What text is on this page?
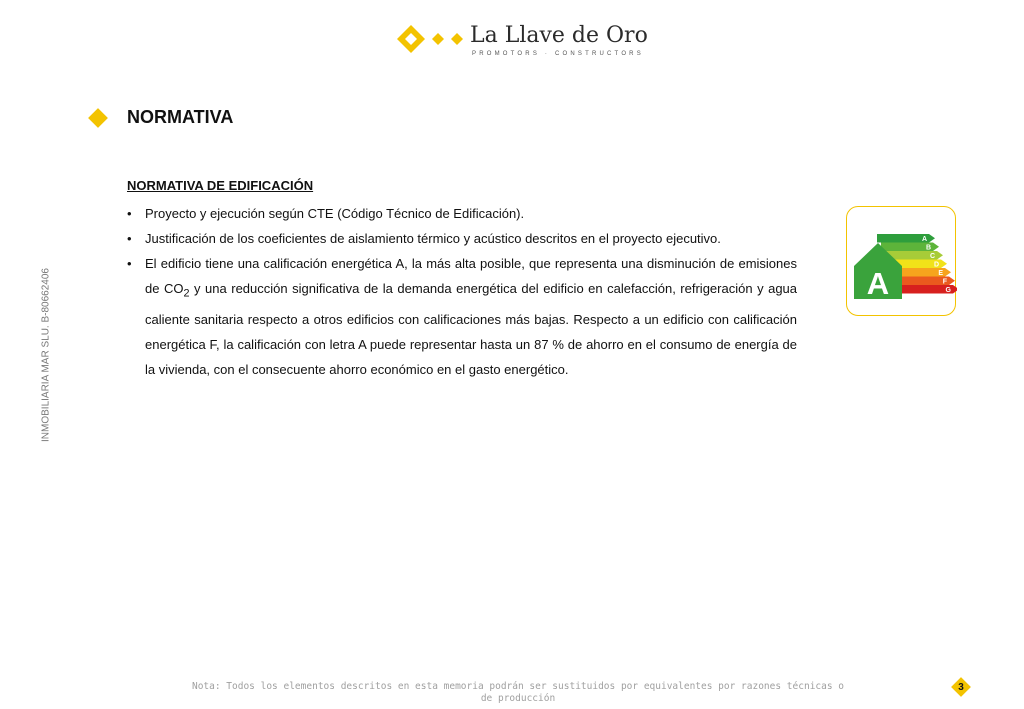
La Llave de Oro
PROMOTORS · CONSTRUCTORS
INMOBILIARIA MAR SLU. B-80662406
NORMATIVA
NORMATIVA DE EDIFICACIÓN
• Proyecto y ejecución según CTE (Código Técnico de Edificación).
• Justificación de los coeficientes de aislamiento térmico y acústico descritos en el proyecto ejecutivo.
• El edificio tiene una calificación energética A, la más alta posible, que representa una disminución de emisiones de $CO_2$ y una reducción significativa de la demanda energética del edificio en calefacción, refrigeración y agua caliente sanitaria respecto a otros edificios con calificaciones más bajas. Respecto a un edificio con calificación energética F, la calificación con letra A puede representar hasta un 87 % de ahorro en el consumo de energía de la vivienda, con el consecuente ahorro económico en el gasto energético.
A
B
C
D
E
F
G
A
Nota: Todos los elementos descritos en esta memoria podrán ser sustituidos por equivalentes por razones técnicas o
de producción
3
